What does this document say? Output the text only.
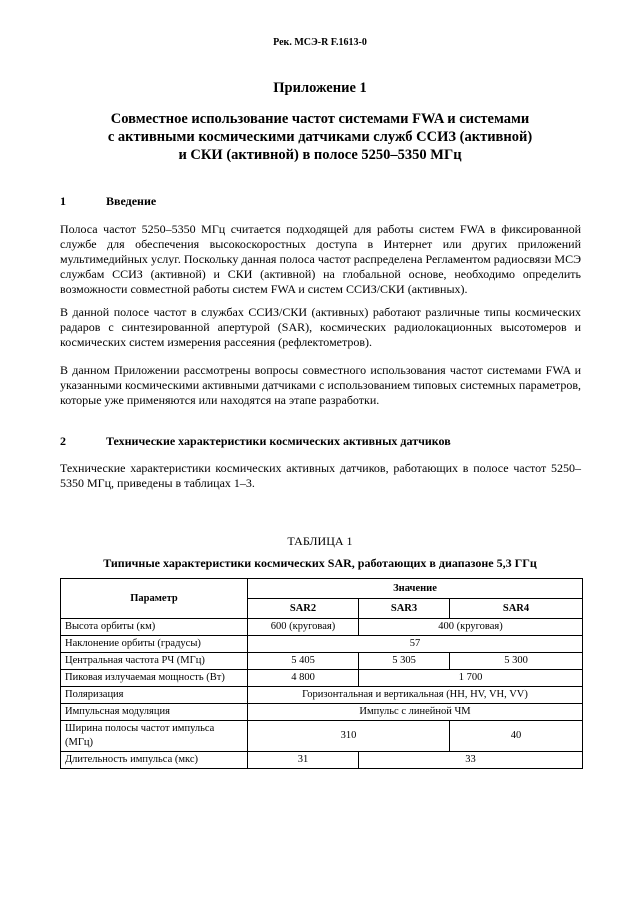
Рек. МСЭ-R F.1613-0
Приложение 1
Совместное использование частот системами FWA и системами
с активными космическими датчиками служб ССИЗ (активной)
и СКИ (активной) в полосе 5250–5350 МГц
1	Введение
Полоса частот 5250–5350 МГц считается подходящей для работы систем FWA в фиксированной службе для обеспечения высокоскоростных доступа в Интернет или других приложений мультимедийных услуг. Поскольку данная полоса частот распределена Регламентом радиосвязи МСЭ службам ССИЗ (активной) и СКИ (активной) на глобальной основе, необходимо определить возможности совместной работы систем FWA и систем ССИЗ/СКИ (активных).
В данной полосе частот в службах ССИЗ/СКИ (активных) работают различные типы космических радаров с синтезированной апертурой (SAR), космических радиолокационных высотомеров и космических систем измерения рассеяния (рефлектометров).
В данном Приложении рассмотрены вопросы совместного использования частот системами FWA и указанными космическими активными датчиками с использованием типовых системных параметров, которые уже применяются или находятся на этапе разработки.
2	Технические характеристики космических активных датчиков
Технические характеристики космических активных датчиков, работающих в полосе частот 5250–5350 МГц, приведены в таблицах 1–3.
ТАБЛИЦА 1
Типичные характеристики космических SAR, работающих в диапазоне 5,3 ГГц
Параметр	Значение		
	SAR2	SAR3	SAR4
Высота орбиты (км)	600 (круговая)	400 (круговая)	
Наклонение орбиты (градусы)	57		
Центральная частота РЧ (МГц)	5 405	5 305	5 300
Пиковая излучаемая мощность (Вт)	4 800	1 700	
Поляризация	Горизонтальная и вертикальная (HH, HV, VH, VV)		
Импульсная модуляция	Импульс с линейной ЧМ		

Ширина полосы частот импульса
(МГц)	310		40
Длительность импульса (мкс)	31	33	
